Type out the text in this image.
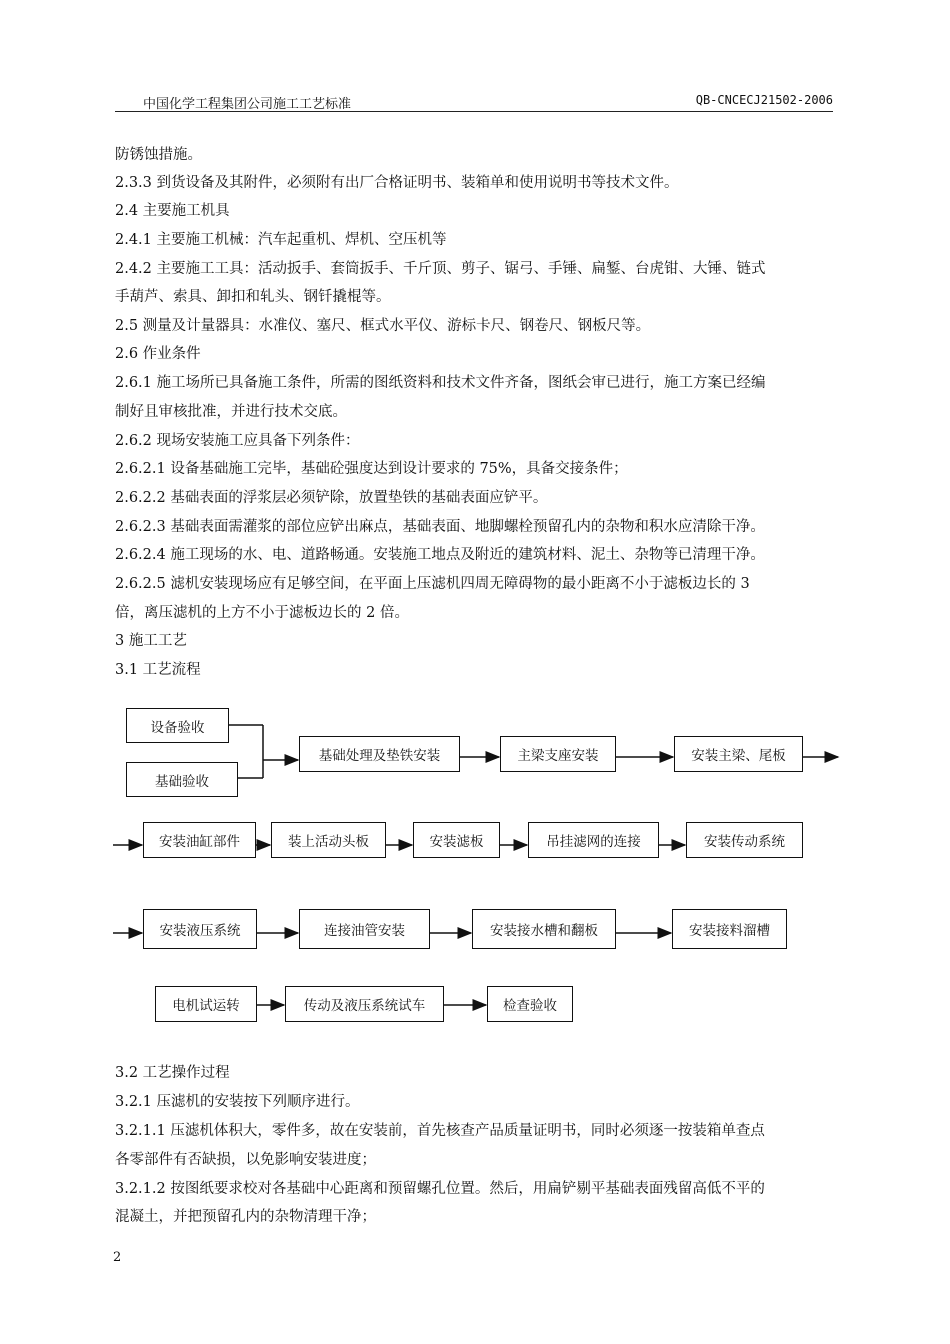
中国化学工程集团公司施工工艺标准	QB-CNCECJ21502-2006
防锈蚀措施。
2.3.3 到货设备及其附件，必须附有出厂合格证明书、装箱单和使用说明书等技术文件。
2.4 主要施工机具
2.4.1 主要施工机械：汽车起重机、焊机、空压机等
2.4.2 主要施工工具：活动扳手、套筒扳手、千斤顶、剪子、锯弓、手锤、扁錾、台虎钳、大锤、链式
手葫芦、索具、卸扣和轧头、钢钎撬棍等。
2.5 测量及计量器具：水准仪、塞尺、框式水平仪、游标卡尺、钢卷尺、钢板尺等。
2.6 作业条件
2.6.1 施工场所已具备施工条件，所需的图纸资料和技术文件齐备，图纸会审已进行，施工方案已经编
制好且审核批准，并进行技术交底。
2.6.2 现场安装施工应具备下列条件：
2.6.2.1 设备基础施工完毕，基础砼强度达到设计要求的 75%，具备交接条件；
2.6.2.2 基础表面的浮浆层必须铲除，放置垫铁的基础表面应铲平。
2.6.2.3 基础表面需灌浆的部位应铲出麻点，基础表面、地脚螺栓预留孔内的杂物和积水应清除干净。
2.6.2.4 施工现场的水、电、道路畅通。安装施工地点及附近的建筑材料、泥土、杂物等已清理干净。
2.6.2.5 滤机安装现场应有足够空间，在平面上压滤机四周无障碍物的最小距离不小于滤板边长的 3
倍，离压滤机的上方不小于滤板边长的 2 倍。
3 施工工艺
3.1 工艺流程
设备验收
基础验收
基础处理及垫铁安装	主梁支座安装	安装主梁、尾板
安装油缸部件	装上活动头板	安装滤板	吊挂滤网的连接	安装传动系统
安装液压系统	连接油管安装	安装接水槽和翻板	安装接料溜槽
电机试运转	传动及液压系统试车	检查验收
3.2 工艺操作过程
3.2.1 压滤机的安装按下列顺序进行。
3.2.1.1 压滤机体积大，零件多，故在安装前，首先核查产品质量证明书，同时必须逐一按装箱单查点
各零部件有否缺损，以免影响安装进度；
3.2.1.2 按图纸要求校对各基础中心距离和预留螺孔位置。然后，用扁铲剔平基础表面残留高低不平的
混凝土，并把预留孔内的杂物清理干净；
2
